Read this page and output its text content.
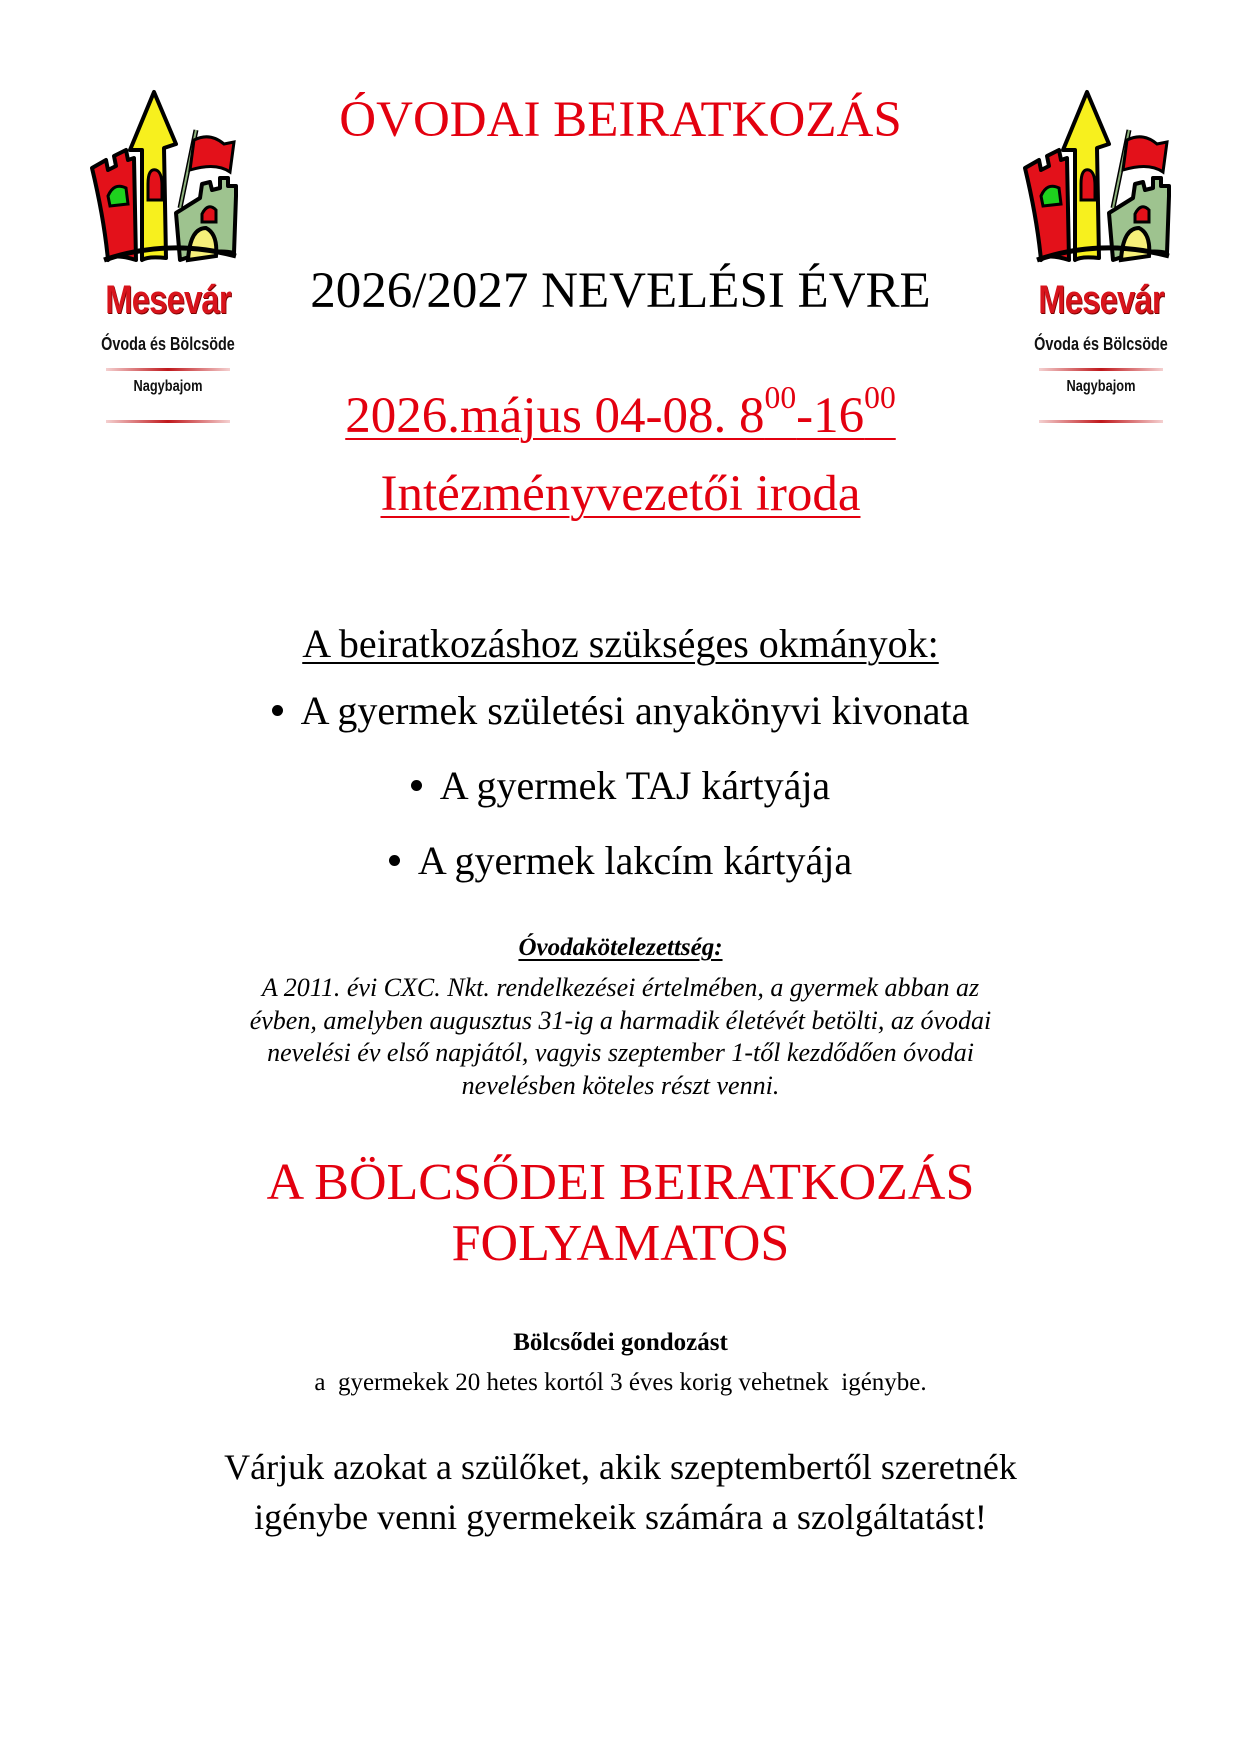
Mesevár
Óvoda és Bölcsöde
Nagybajom
Mesevár
Óvoda és Bölcsöde
Nagybajom
ÓVODAI BEIRATKOZÁS
2026/2027 NEVELÉSI ÉVRE
2026.május 04-08. $8^{00}-16^{00}$
Intézményvezetői iroda
A beiratkozáshoz szükséges okmányok:
A gyermek születési anyakönyvi kivonata
A gyermek TAJ kártyája
A gyermek lakcím kártyája
Óvodakötelezettség:
A 2011. évi CXC. Nkt. rendelkezései értelmében, a gyermek abban az
évben, amelyben augusztus 31-ig a harmadik életévét betölti, az óvodai
nevelési év első napjától, vagyis szeptember 1-től kezdődően óvodai
nevelésben köteles részt venni.
A BÖLCSŐDEI BEIRATKOZÁS
FOLYAMATOS
Bölcsődei gondozást
a  gyermekek 20 hetes kortól 3 éves korig vehetnek  igénybe.
Várjuk azokat a szülőket, akik szeptembertől szeretnék
igénybe venni gyermekeik számára a szolgáltatást!
